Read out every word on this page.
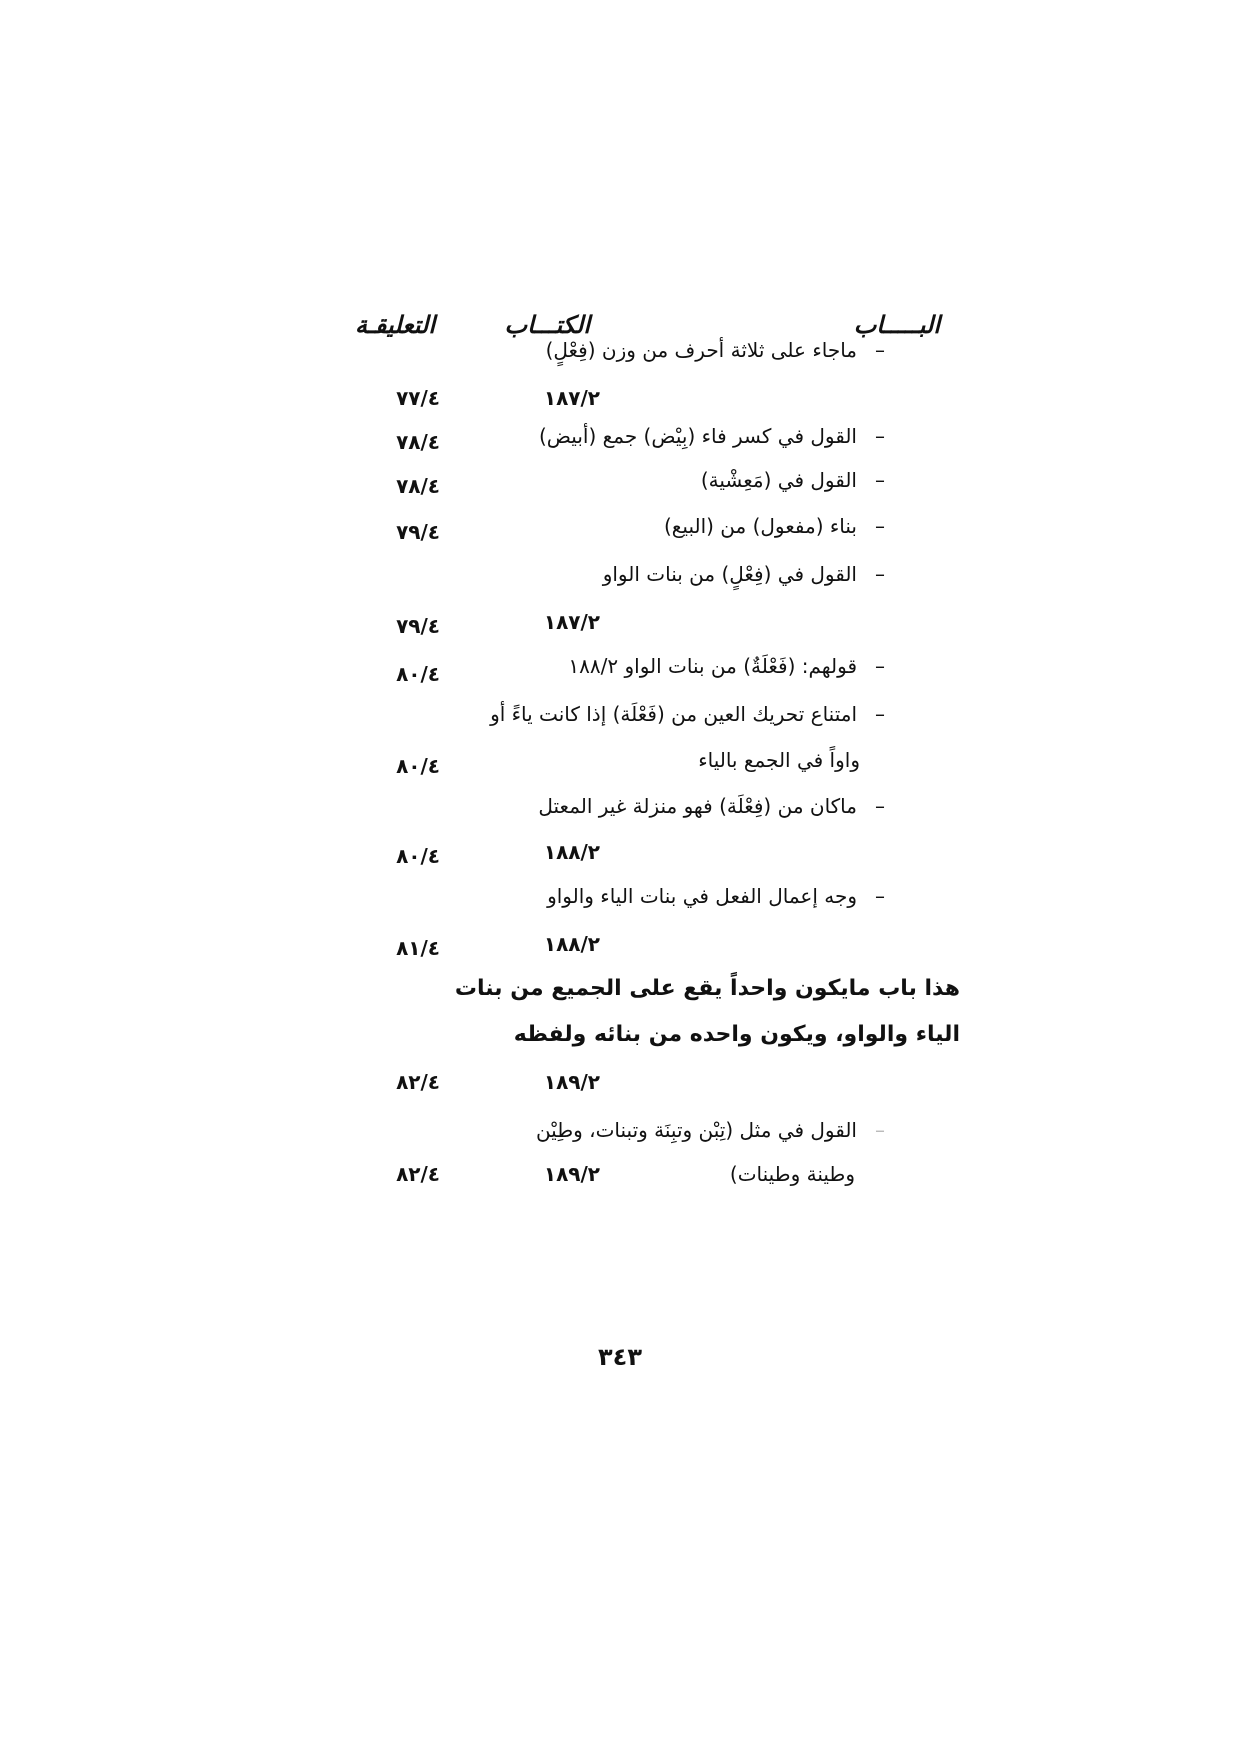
البـــــاب
الكتـــاب
التعليقـة
–ماجاء على ثلاثة أحرف من وزن (فِعْلٍ)
١٨٧/٢
٧٧/٤
–القول في كسر فاء (بِيْض) جمع (أبيض)
٧٨/٤
–القول في (مَعِشْية)
٧٨/٤
–بناء (مفعول) من (البيع)
٧٩/٤
–القول في (فِعْلٍ) من بنات الواو
١٨٧/٢
٧٩/٤
–قولهم: (فَعْلَةٌ) من بنات الواو ١٨٨/٢
٨٠/٤
–امتناع تحريك العين من (فَعْلَة) إذا كانت ياءً أو
واواً في الجمع بالياء
٨٠/٤
–ماكان من (فِعْلَة) فهو منزلة غير المعتل
١٨٨/٢
٨٠/٤
–وجه إعمال الفعل في بنات الياء والواو
١٨٨/٢
٨١/٤
هذا باب مايكون واحداً يقع على الجميع من بنات
الياء والواو، ويكون واحده من بنائه ولفظه
١٨٩/٢
٨٢/٤
–القول في مثل (تِبْن وتبِنَة وتبنات، وطِيْن
وطينة وطينات)
١٨٩/٢
٨٢/٤
٣٤٣
